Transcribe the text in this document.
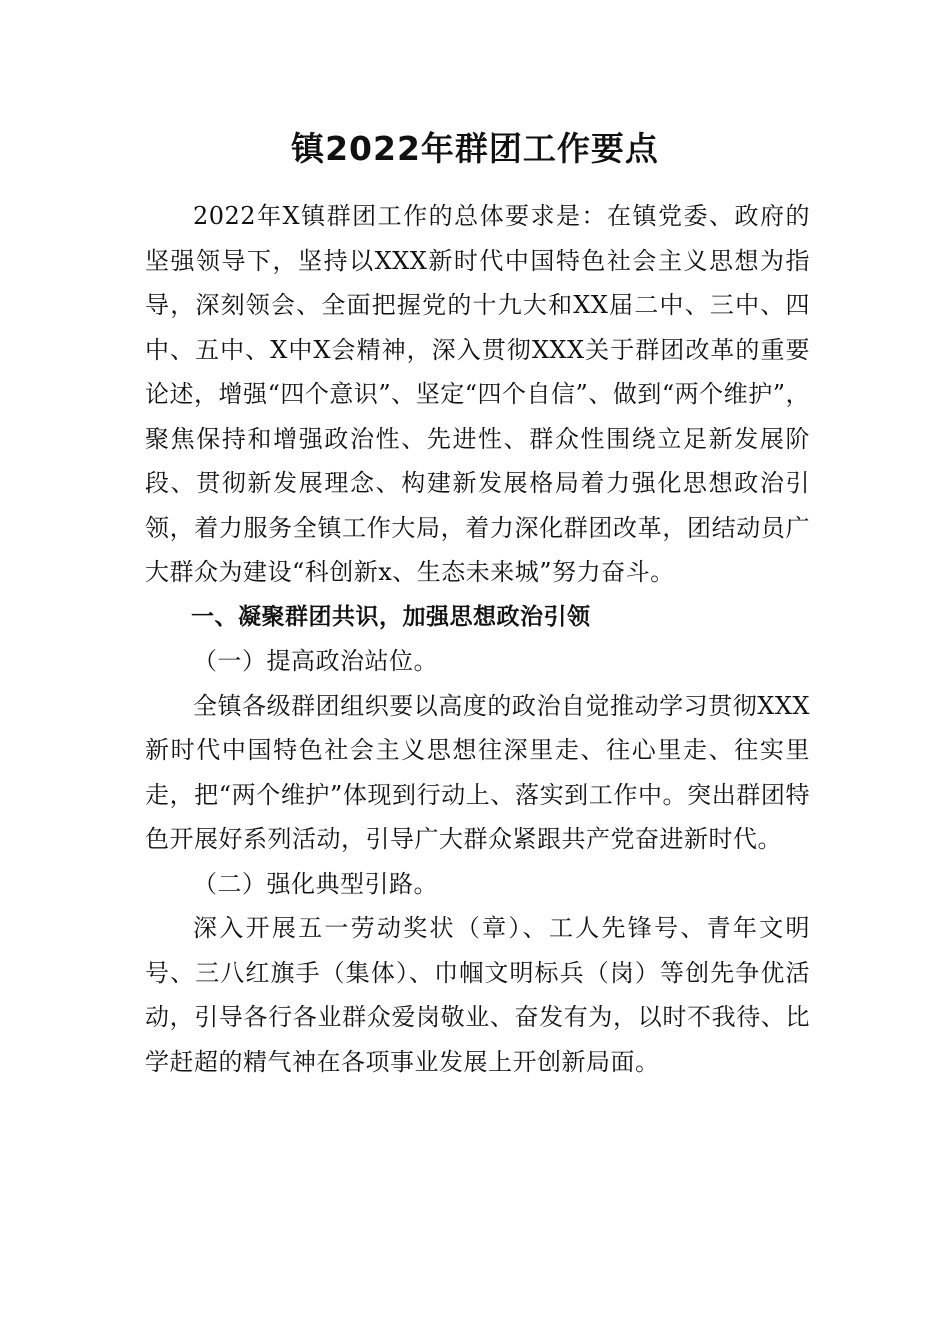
镇2022年群团工作要点

2022年X镇群团工作的总体要求是：在镇党委、政府的坚强领导下，坚持以XXX新时代中国特色社会主义思想为指导，深刻领会、全面把握党的十九大和XX届二中、三中、四中、五中、X中X会精神，深入贯彻XXX关于群团改革的重要论述，增强“四个意识”、坚定“四个自信”、做到“两个维护”，聚焦保持和增强政治性、先进性、群众性围绕立足新发展阶段、贯彻新发展理念、构建新发展格局着力强化思想政治引领，着力服务全镇工作大局，着力深化群团改革，团结动员广大群众为建设“科创新x、生态未来城”努力奋斗。

一、凝聚群团共识，加强思想政治引领

（一）提高政治站位。

全镇各级群团组织要以高度的政治自觉推动学习贯彻XXX新时代中国特色社会主义思想往深里走、往心里走、往实里走，把“两个维护”体现到行动上、落实到工作中。突出群团特色开展好系列活动，引导广大群众紧跟共产党奋进新时代。

（二）强化典型引路。

深入开展五一劳动奖状（章）、工人先锋号、青年文明号、三八红旗手（集体）、巾帼文明标兵（岗）等创先争优活动，引导各行各业群众爱岗敬业、奋发有为，以时不我待、比学赶超的精气神在各项事业发展上开创新局面。
